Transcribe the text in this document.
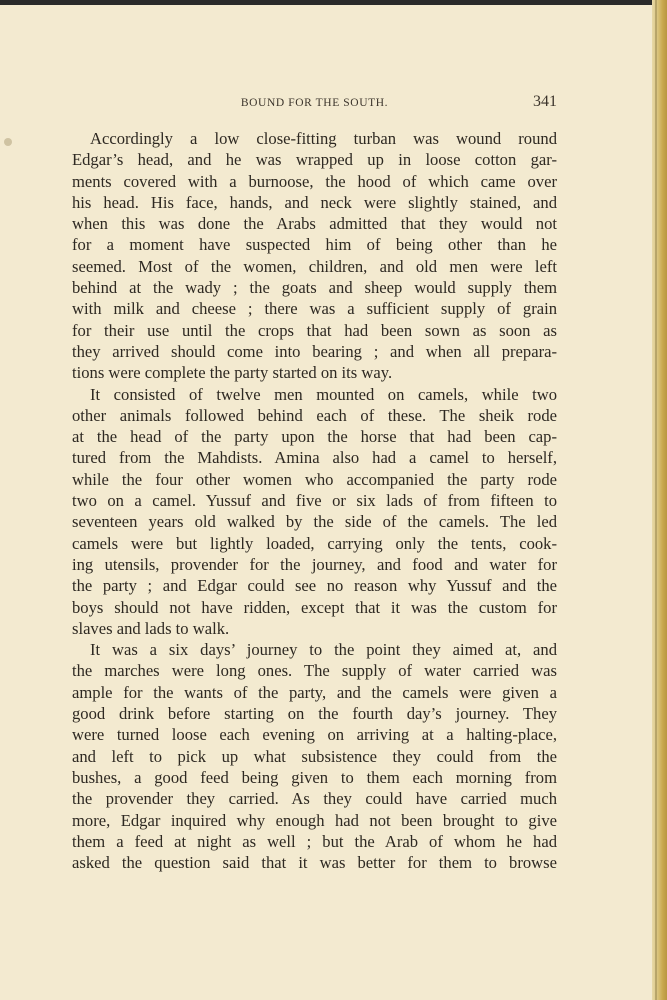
BOUND FOR THE SOUTH.	341
Accordingly a low close-fitting turban was wound round
Edgar’s head, and he was wrapped up in loose cotton gar-
ments covered with a burnoose, the hood of which came over
his head. His face, hands, and neck were slightly stained, and
when this was done the Arabs admitted that they would not
for a moment have suspected him of being other than he
seemed. Most of the women, children, and old men were left
behind at the wady ; the goats and sheep would supply them
with milk and cheese ; there was a sufficient supply of grain
for their use until the crops that had been sown as soon as
they arrived should come into bearing ; and when all prepara-
tions were complete the party started on its way.
It consisted of twelve men mounted on camels, while two
other animals followed behind each of these. The sheik rode
at the head of the party upon the horse that had been cap-
tured from the Mahdists. Amina also had a camel to herself,
while the four other women who accompanied the party rode
two on a camel. Yussuf and five or six lads of from fifteen to
seventeen years old walked by the side of the camels. The led
camels were but lightly loaded, carrying only the tents, cook-
ing utensils, provender for the journey, and food and water for
the party ; and Edgar could see no reason why Yussuf and the
boys should not have ridden, except that it was the custom for
slaves and lads to walk.
It was a six days’ journey to the point they aimed at, and
the marches were long ones. The supply of water carried was
ample for the wants of the party, and the camels were given a
good drink before starting on the fourth day’s journey. They
were turned loose each evening on arriving at a halting-place,
and left to pick up what subsistence they could from the
bushes, a good feed being given to them each morning from
the provender they carried. As they could have carried much
more, Edgar inquired why enough had not been brought to give
them a feed at night as well ; but the Arab of whom he had
asked the question said that it was better for them to browse
